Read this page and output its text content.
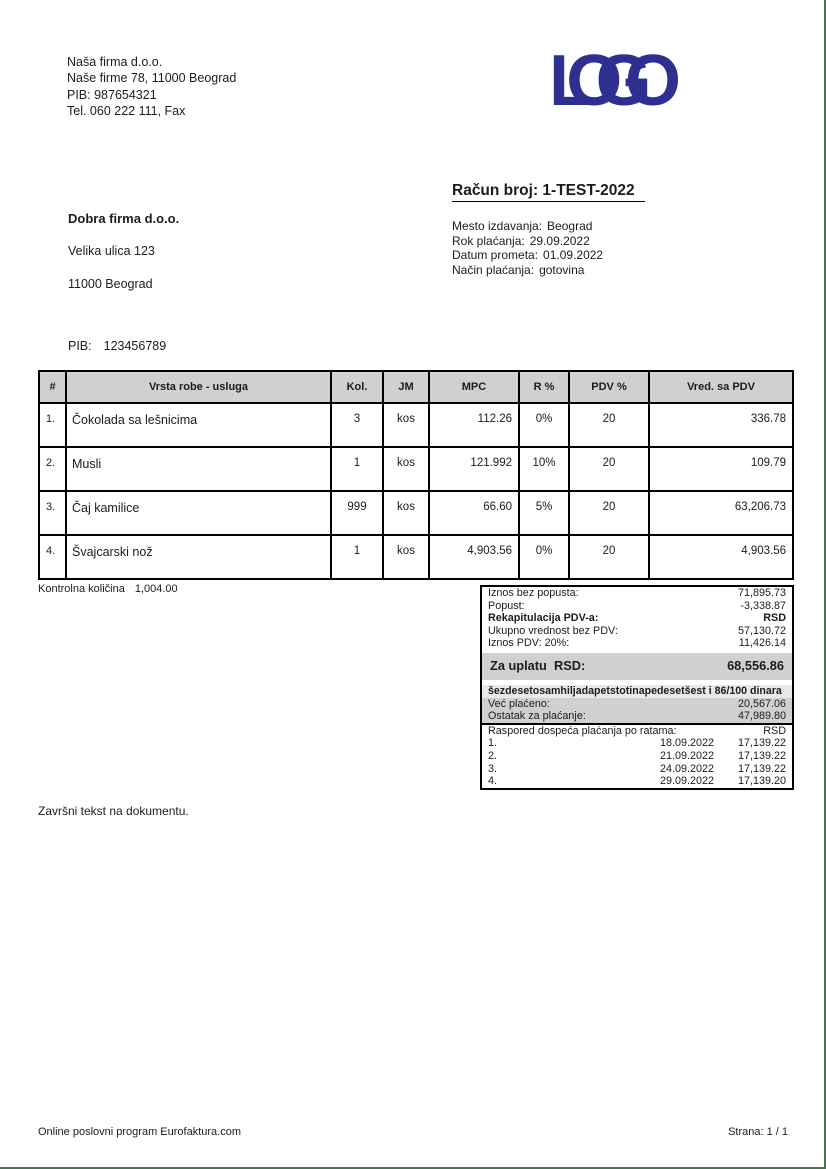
Naša firma d.o.o.
Naše firme 78, 11000 Beograd
PIB: 987654321
Tel. 060 222 111, Fax	LOGO
Račun broj: 1-TEST-2022
Mesto izdavanja: Beograd
Rok plaćanja: 29.09.2022
Datum prometa: 01.09.2022
Način plaćanja: gotovina
Dobra firma d.o.o.
Velika ulica 123
11000 Beograd
PIB: 123456789
#	Vrsta robe - usluga	Kol.	JM	MPC	R %	PDV %	Vred. sa PDV
1.	Čokolada sa lešnicima	3	kos	112.26	0%	20	336.78
2.	Musli	1	kos	121.992	10%	20	109.79
3.	Čaj kamilice	999	kos	66.60	5%	20	63,206.73
4.	Švajcarski nož	1	kos	4,903.56	0%	20	4,903.56
Kontrolna količina 1,004.00	Iznos bez popusta:	71,895.73
Popust:	-3,338.87
Rekapitulacija PDV-a:	RSD
Ukupno vrednost bez PDV:	57,130.72
Iznos PDV: 20%:	11,426.14
Za uplatu  RSD:	68,556.86
šezdesetosamhiljadapetstotinapedesetšest i 86/100 dinara
Već plaćeno:	20,567.06
Ostatak za plaćanje:	47,989.80
Raspored dospeća plaćanja po ratama:	RSD
1.	18.09.2022	17,139.22
2.	21.09.2022	17,139.22
3.	24.09.2022	17,139.22
4.	29.09.2022	17,139.20
Završni tekst na dokumentu.
Online poslovni program Eurofaktura.com	Strana: 1 / 1
